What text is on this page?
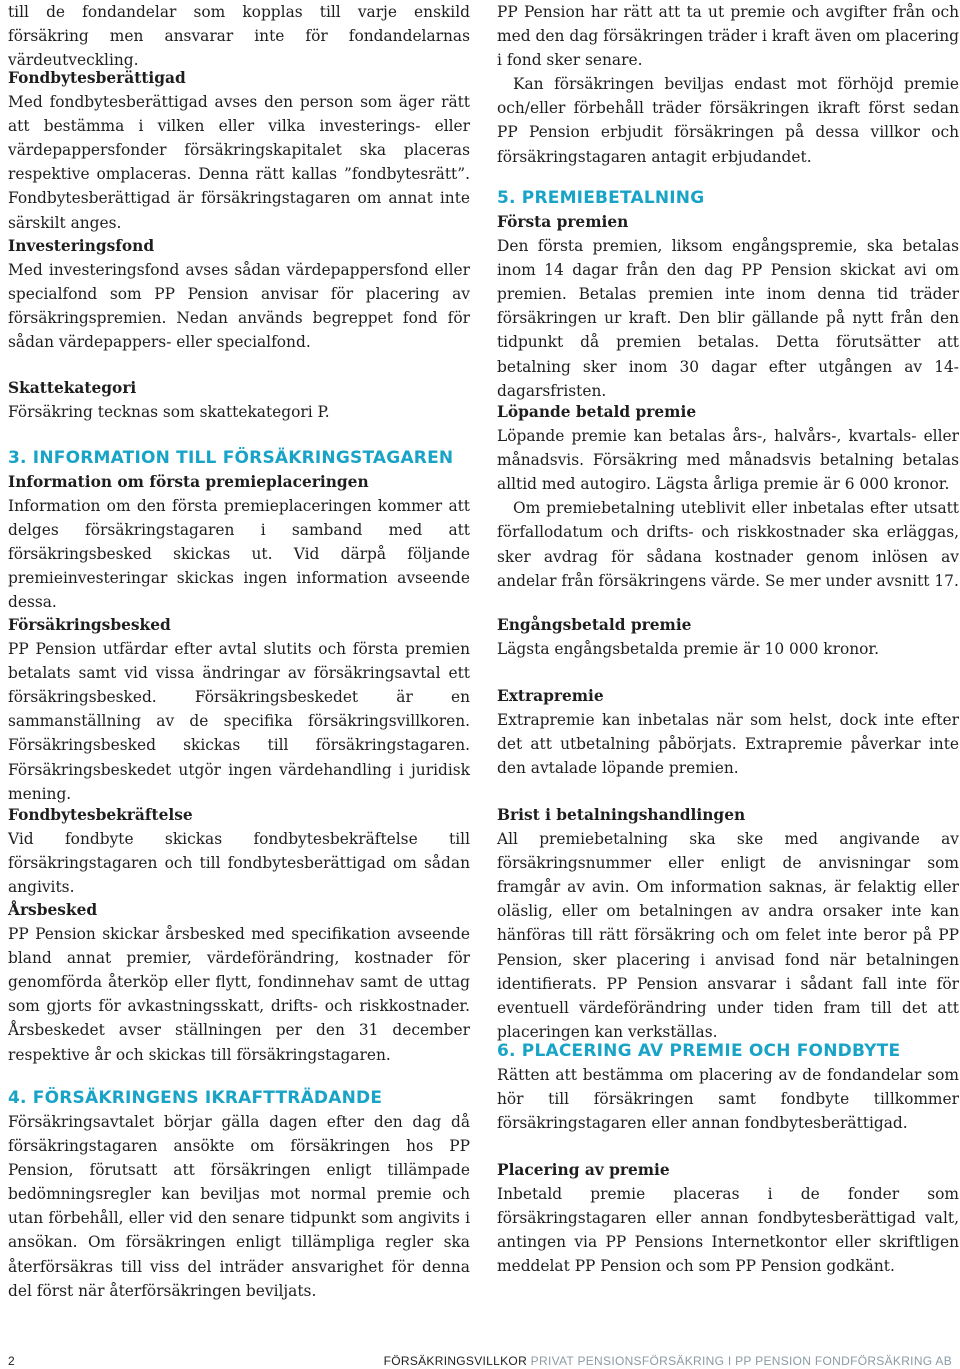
till de fondandelar som kopplas till varje enskild försäkring men ansvarar inte för fondandelarnas värdeutveckling.

Fondbytesberättigad

Med fondbytesberättigad avses den person som äger rätt att bestämma i vilken eller vilka investerings- eller värdepappersfonder försäkringskapitalet ska placeras respektive omplaceras. Denna rätt kallas ”fondbytesrätt”. Fondbytesberättigad är försäkringstagaren om annat inte särskilt anges.

Investeringsfond

Med investeringsfond avses sådan värdepappersfond eller specialfond som PP Pension anvisar för placering av försäkringspremien. Nedan används begreppet fond för sådan värdepappers- eller specialfond.

Skattekategori

Försäkring tecknas som skattekategori P.

3. INFORMATION TILL FÖRSÄKRINGSTAGAREN

Information om första premieplaceringen

Information om den första premieplaceringen kommer att delges försäkringstagaren i samband med att försäkringsbesked skickas ut. Vid därpå följande premieinvesteringar skickas ingen information avseende dessa.

Försäkringsbesked

PP Pension utfärdar efter avtal slutits och första premien betalats samt vid vissa ändringar av försäkringsavtal ett försäkringsbesked. Försäkringsbeskedet är en sammanställning av de specifika försäkringsvillkoren. Försäkringsbesked skickas till försäkringstagaren. Försäkringsbeskedet utgör ingen värdehandling i juridisk mening.

Fondbytesbekräftelse

Vid fondbyte skickas fondbytesbekräftelse till försäkringstagaren och till fondbytesberättigad om sådan angivits.

Årsbesked

PP Pension skickar årsbesked med specifikation avseende bland annat premier, värdeförändring, kostnader för genomförda återköp eller flytt, fondinnehav samt de uttag som gjorts för avkastningsskatt, drifts- och riskkostnader. Årsbeskedet avser ställningen per den 31 december respektive år och skickas till försäkringstagaren.

4. FÖRSÄKRINGENS IKRAFTTRÄDANDE

Försäkringsavtalet börjar gälla dagen efter den dag då försäkringstagaren ansökte om försäkringen hos PP Pension, förutsatt att försäkringen enligt tillämpade bedömningsregler kan beviljas mot normal premie och utan förbehåll, eller vid den senare tidpunkt som angivits i ansökan. Om försäkringen enligt tillämpliga regler ska återförsäkras till viss del inträder ansvarighet för denna del först när återförsäkringen beviljats.

PP Pension har rätt att ta ut premie och avgifter från och med den dag försäkringen träder i kraft även om placering i fond sker senare.

Kan försäkringen beviljas endast mot förhöjd premie och/eller förbehåll träder försäkringen ikraft först sedan PP Pension erbjudit försäkringen på dessa villkor och försäkringstagaren antagit erbjudandet.

5. PREMIEBETALNING

Första premien

Den första premien, liksom engångspremie, ska betalas inom 14 dagar från den dag PP Pension skickat avi om premien. Betalas premien inte inom denna tid träder försäkringen ur kraft. Den blir gällande på nytt från den tidpunkt då premien betalas. Detta förutsätter att betalning sker inom 30 dagar efter utgången av 14-dagarsfristen.

Löpande betald premie

Löpande premie kan betalas års-, halvårs-, kvartals- eller månadsvis. Försäkring med månadsvis betalning betalas alltid med autogiro. Lägsta årliga premie är 6 000 kronor.

Om premiebetalning uteblivit eller inbetalas efter utsatt förfallodatum och drifts- och riskkostnader ska erläggas, sker avdrag för sådana kostnader genom inlösen av andelar från försäkringens värde. Se mer under avsnitt 17.

Engångsbetald premie

Lägsta engångsbetalda premie är 10 000 kronor.

Extrapremie

Extrapremie kan inbetalas när som helst, dock inte efter det att utbetalning påbörjats. Extrapremie påverkar inte den avtalade löpande premien.

Brist i betalningshandlingen

All premiebetalning ska ske med angivande av försäkringsnummer eller enligt de anvisningar som framgår av avin. Om information saknas, är felaktig eller oläslig, eller om betalningen av andra orsaker inte kan hänföras till rätt försäkring och om felet inte beror på PP Pension, sker placering i anvisad fond när betalningen identifierats. PP Pension ansvarar i sådant fall inte för eventuell värdeförändring under tiden fram till det att placeringen kan verkställas.

6. PLACERING AV PREMIE OCH FONDBYTE

Rätten att bestämma om placering av de fondandelar som hör till försäkringen samt fondbyte tillkommer försäkringstagaren eller annan fondbytesberättigad.

Placering av premie

Inbetald premie placeras i de fonder som försäkringstagaren eller annan fondbytesberättigad valt, antingen via PP Pensions Internetkontor eller skriftligen meddelat PP Pension och som PP Pension godkänt.

2	FÖRSÄKRINGSVILLKOR PRIVAT PENSIONSFÖRSÄKRING I PP PENSION FONDFÖRSÄKRING AB
